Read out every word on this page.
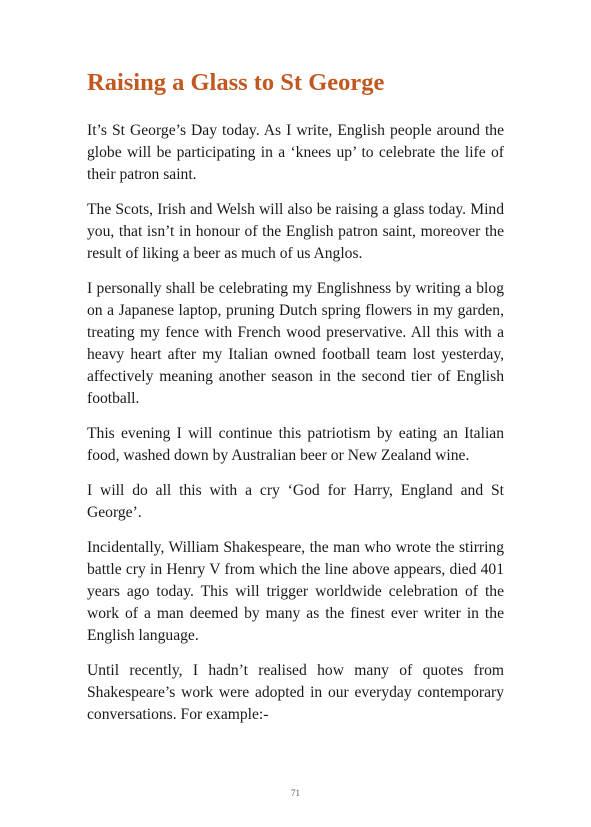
Raising a Glass to St George

It’s St George’s Day today. As I write, English people around the globe will be participating in a ‘knees up’ to celebrate the life of their patron saint.

The Scots, Irish and Welsh will also be raising a glass today. Mind you, that isn’t in honour of the English patron saint, moreover the result of liking a beer as much of us Anglos.

I personally shall be celebrating my Englishness by writing a blog on a Japanese laptop, pruning Dutch spring flowers in my garden, treating my fence with French wood preservative. All this with a heavy heart after my Italian owned football team lost yesterday, affectively meaning another season in the second tier of English football.

This evening I will continue this patriotism by eating an Italian food, washed down by Australian beer or New Zealand wine.

I will do all this with a cry ‘God for Harry, England and St George’.

Incidentally, William Shakespeare, the man who wrote the stirring battle cry in Henry V from which the line above appears, died 401 years ago today. This will trigger worldwide celebration of the work of a man deemed by many as the finest ever writer in the English language.

Until recently, I hadn’t realised how many of quotes from Shakespeare’s work were adopted in our everyday contemporary conversations. For example:-

71
